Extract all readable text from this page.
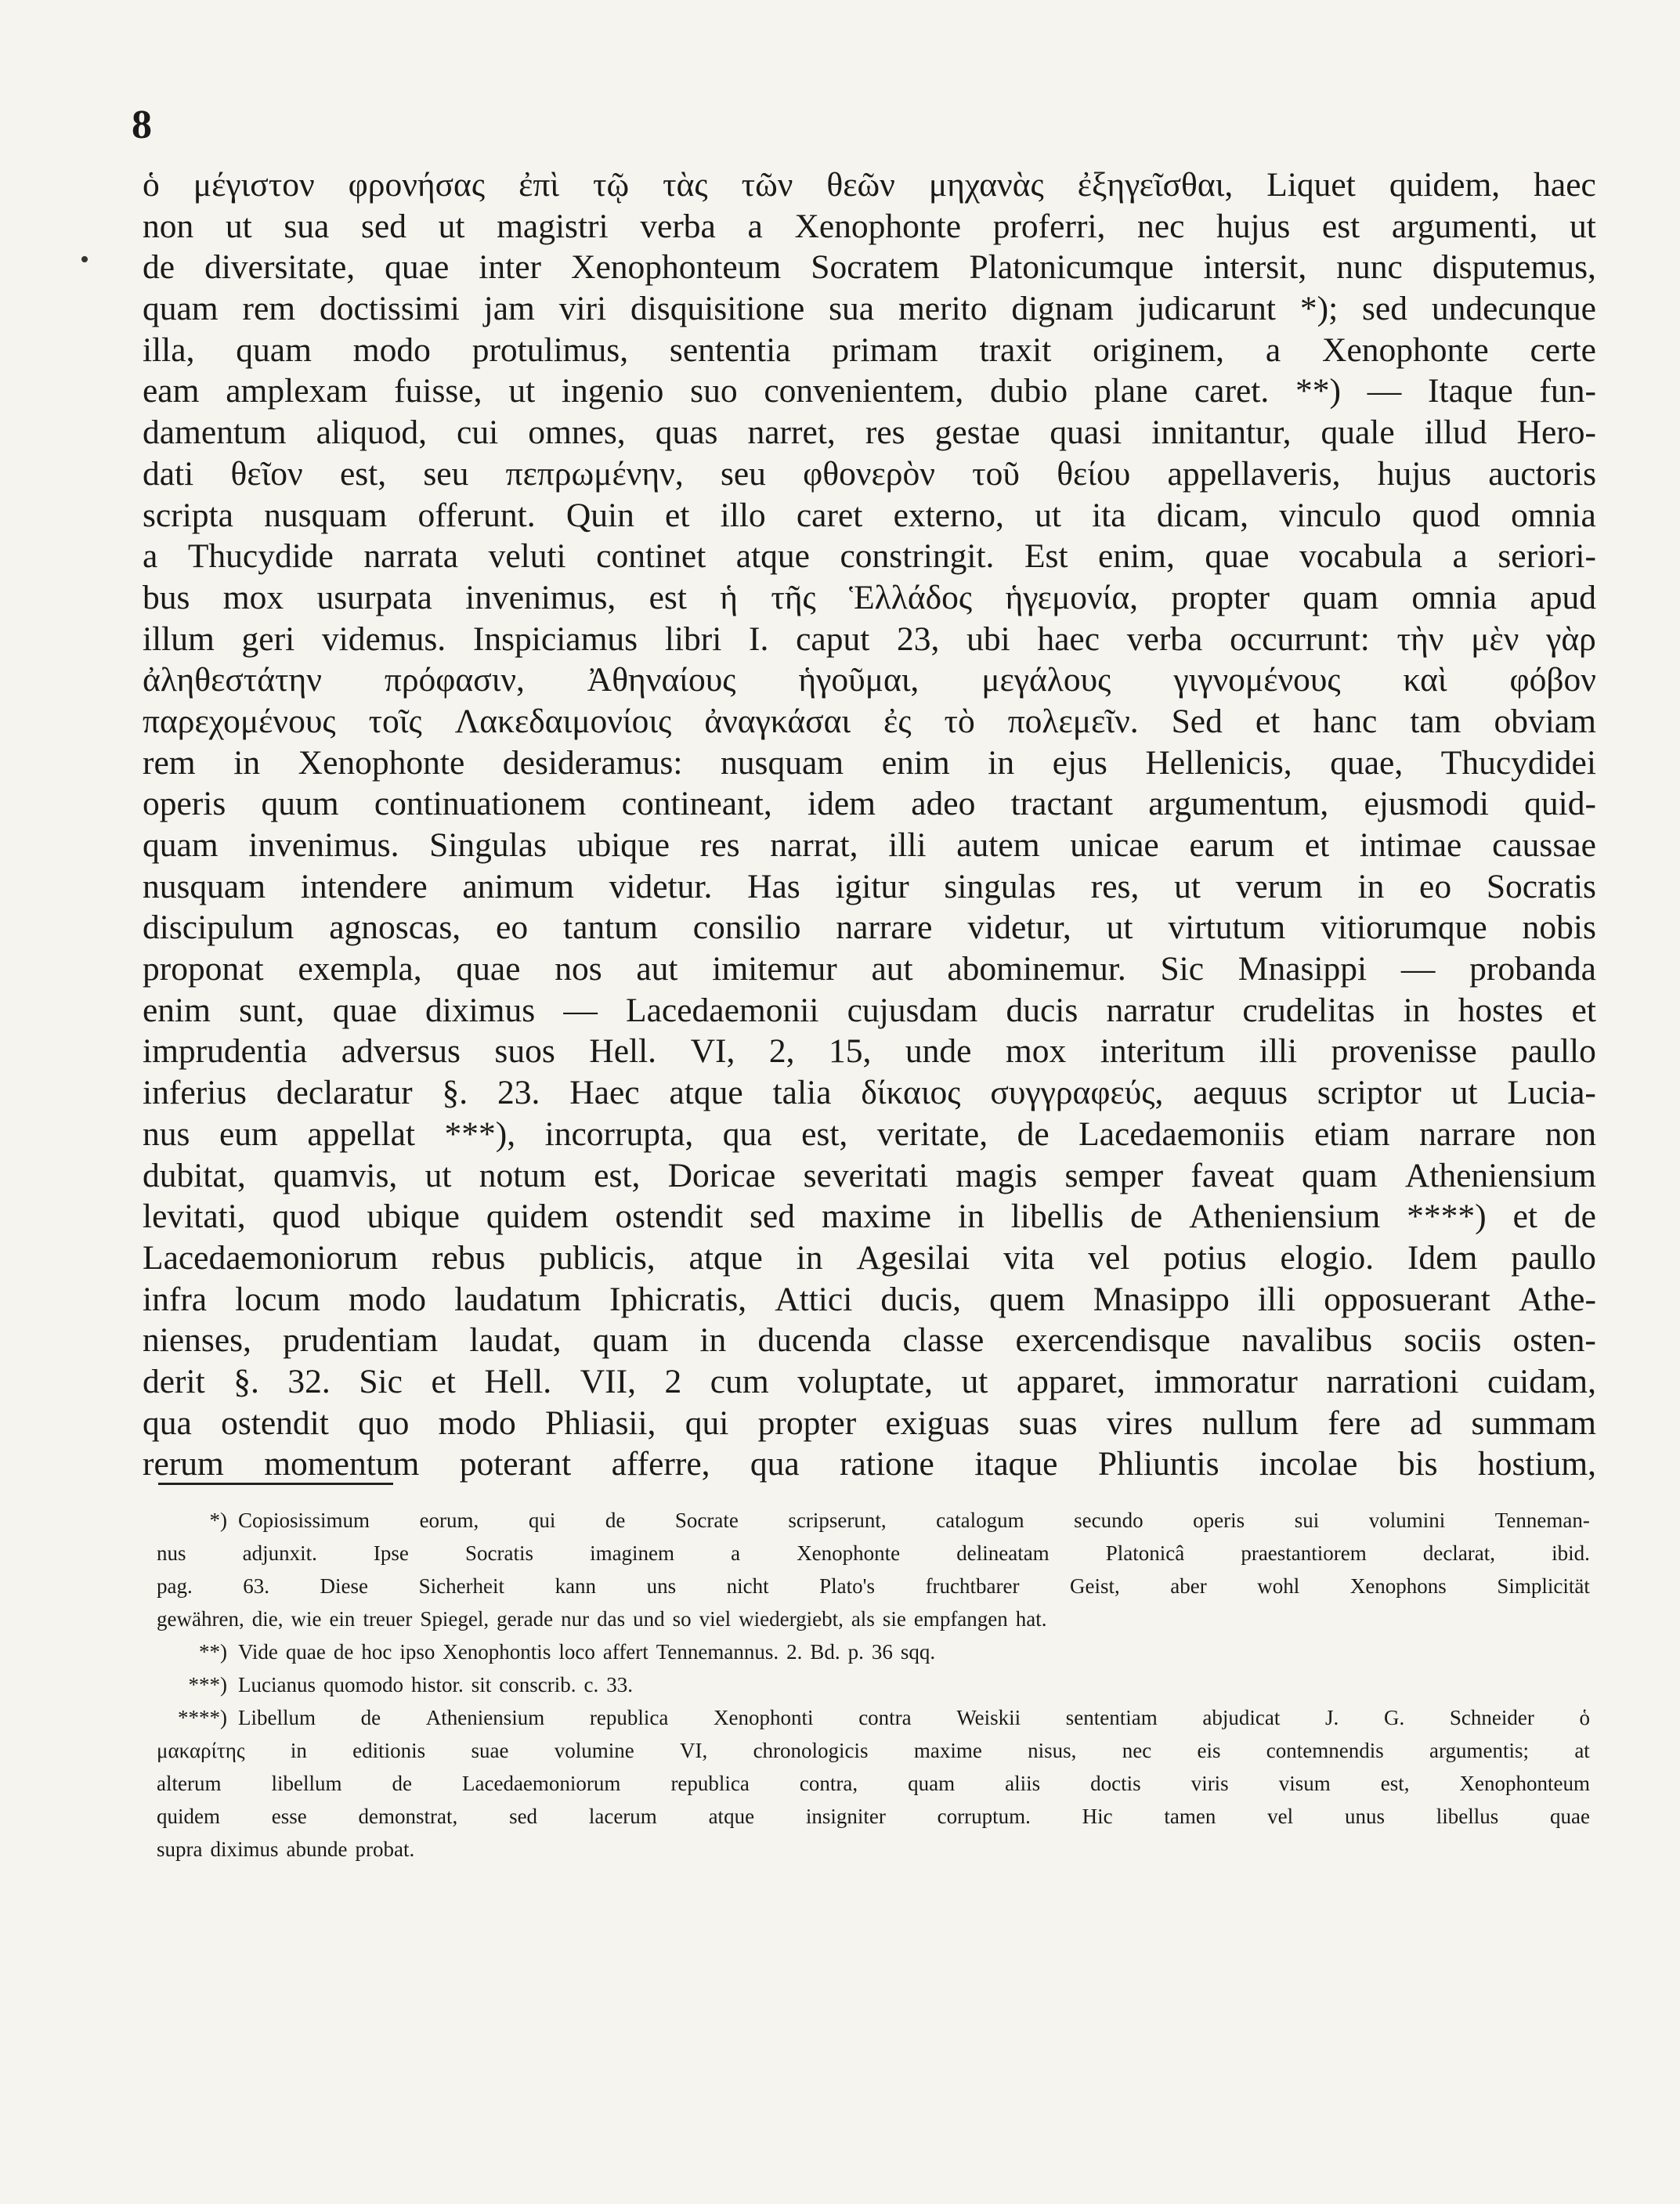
8
ὁ μέγιστον φρονήσας ἐπὶ τῷ τὰς τῶν θεῶν μηχανὰς ἐξηγεῖσθαι, Liquet quidem, haec
non ut sua sed ut magistri verba a Xenophonte proferri, nec hujus est argumenti, ut
de diversitate, quae inter Xenophonteum Socratem Platonicumque intersit, nunc disputemus,
quam rem doctissimi jam viri disquisitione sua merito dignam judicarunt *); sed undecunque
illa, quam modo protulimus, sententia primam traxit originem, a Xenophonte certe
eam amplexam fuisse, ut ingenio suo convenientem, dubio plane caret. **) — Itaque fun-
damentum aliquod, cui omnes, quas narret, res gestae quasi innitantur, quale illud Hero-
dati θεῖον est, seu πεπρωμένην, seu φθονερὸν τοῦ θείου appellaveris, hujus auctoris
scripta nusquam offerunt. Quin et illo caret externo, ut ita dicam, vinculo quod omnia
a Thucydide narrata veluti continet atque constringit. Est enim, quae vocabula a seriori-
bus mox usurpata invenimus, est ἡ τῆς Ἑλλάδος ἡγεμονία, propter quam omnia apud
illum geri videmus. Inspiciamus libri I. caput 23, ubi haec verba occurrunt: τὴν μὲν γὰρ
ἀληθεστάτην πρόφασιν, Ἀθηναίους ἡγοῦμαι, μεγάλους γιγνομένους καὶ φόβον
παρεχομένους τοῖς Λακεδαιμονίοις ἀναγκάσαι ἐς τὸ πολεμεῖν. Sed et hanc tam obviam
rem in Xenophonte desideramus: nusquam enim in ejus Hellenicis, quae, Thucydidei
operis quum continuationem contineant, idem adeo tractant argumentum, ejusmodi quid-
quam invenimus. Singulas ubique res narrat, illi autem unicae earum et intimae caussae
nusquam intendere animum videtur. Has igitur singulas res, ut verum in eo Socratis
discipulum agnoscas, eo tantum consilio narrare videtur, ut virtutum vitiorumque nobis
proponat exempla, quae nos aut imitemur aut abominemur. Sic Mnasippi — probanda
enim sunt, quae diximus — Lacedaemonii cujusdam ducis narratur crudelitas in hostes et
imprudentia adversus suos Hell. VI, 2, 15, unde mox interitum illi provenisse paullo
inferius declaratur §. 23. Haec atque talia δίκαιος συγγραφεύς, aequus scriptor ut Lucia-
nus eum appellat ***), incorrupta, qua est, veritate, de Lacedaemoniis etiam narrare non
dubitat, quamvis, ut notum est, Doricae severitati magis semper faveat quam Atheniensium
levitati, quod ubique quidem ostendit sed maxime in libellis de Atheniensium ****) et de
Lacedaemoniorum rebus publicis, atque in Agesilai vita vel potius elogio. Idem paullo
infra locum modo laudatum Iphicratis, Attici ducis, quem Mnasippo illi opposuerant Athe-
nienses, prudentiam laudat, quam in ducenda classe exercendisque navalibus sociis osten-
derit §. 32. Sic et Hell. VII, 2 cum voluptate, ut apparet, immoratur narrationi cuidam,
qua ostendit quo modo Phliasii, qui propter exiguas suas vires nullum fere ad summam
rerum momentum poterant afferre, qua ratione itaque Phliuntis incolae bis hostium,
*) Copiosissimum eorum, qui de Socrate scripserunt, catalogum secundo operis sui volumini Tenneman-
nus	adjunxit.	Ipse	Socratis	imaginem	a	Xenophonte	delineatam	Platonicâ	praestantiorem	declarat,	ibid.
pag. 63. Diese Sicherheit kann uns nicht Plato's fruchtbarer Geist, aber wohl Xenophons Simplicität
gewähren, die, wie ein treuer Spiegel, gerade nur das und so viel wiedergiebt, als sie empfangen hat.
**) Vide quae de hoc ipso Xenophontis loco affert Tennemannus. 2. Bd. p. 36 sqq.
***) Lucianus quomodo histor. sit conscrib. c. 33.
****) Libellum de Atheniensium republica Xenophonti contra Weiskii sententiam abjudicat J. G. Schneider ὁ
μακαρίτης in editionis suae volumine VI, chronologicis maxime nisus, nec eis contemnendis argumentis; at
alterum libellum de Lacedaemoniorum republica contra, quam aliis doctis viris visum est, Xenophonteum
quidem esse demonstrat, sed lacerum atque insigniter corruptum. Hic tamen vel unus libellus quae
supra diximus abunde probat.
